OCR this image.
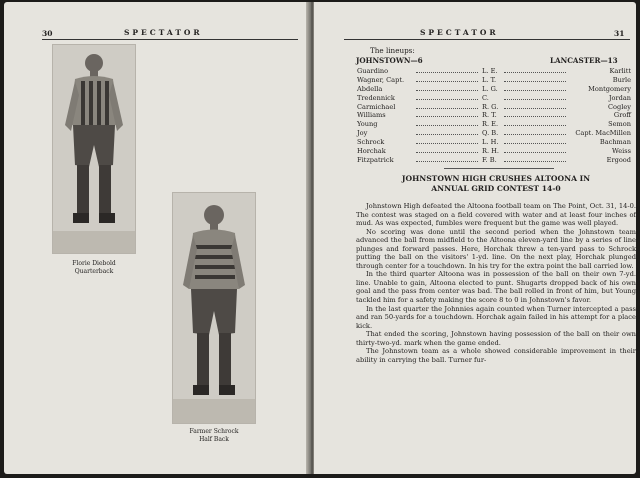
30	SPECTATOR
Florie Diebold
Quarterback
Farmer Schrock
Half Back
SPECTATOR	31
The lineups:
JOHNSTOWN—6	LANCASTER—13
Guardino	L. E.	Karlitt
Wagner, Capt.	L. T.	Burle
Abdella	L. G.	Montgomery
Tredennick	C.	Jordan
Carmichael	R. G.	Cogley
Williams	R. T.	Groff
Young	R. E.	Semon
Joy	Q. B.	Capt. MacMillen
Schrock	L. H.	Bachman
Horchak	R. H.	Weiss
Fitzpatrick	F. B.	Ergood
JOHNSTOWN HIGH CRUSHES ALTOONA IN
ANNUAL GRID CONTEST 14-0

Johnstown High defeated the Altoona football team on The Point, Oct. 31, 14-0. The contest was staged on a field covered with water and at least four inches of mud. As was expected, fumbles were frequent but the game was well played.

No scoring was done until the second period when the Johnstown team advanced the ball from midfield to the Altoona eleven-yard line by a series of line plunges and forward passes. Here, Horchak threw a ten-yard pass to Schrock putting the ball on the visitors' 1-yd. line. On the next play, Horchak plunged through center for a touchdown. In his try for the extra point the ball carried low.

In the third quarter Altoona was in possession of the ball on their own 7-yd. line. Unable to gain, Altoona elected to punt. Shugarts dropped back of his own goal and the pass from center was bad. The ball rolled in front of him, but Young tackled him for a safety making the score 8 to 0 in Johnstown's favor.

In the last quarter the Johnnies again counted when Turner intercepted a pass and ran 50-yards for a touchdown. Horchak again failed in his attempt for a place kick.

That ended the scoring, Johnstown having possession of the ball on their own thirty-two-yd. mark when the game ended.

The Johnstown team as a whole showed considerable improvement in their ability in carrying the ball. Turner fur-
